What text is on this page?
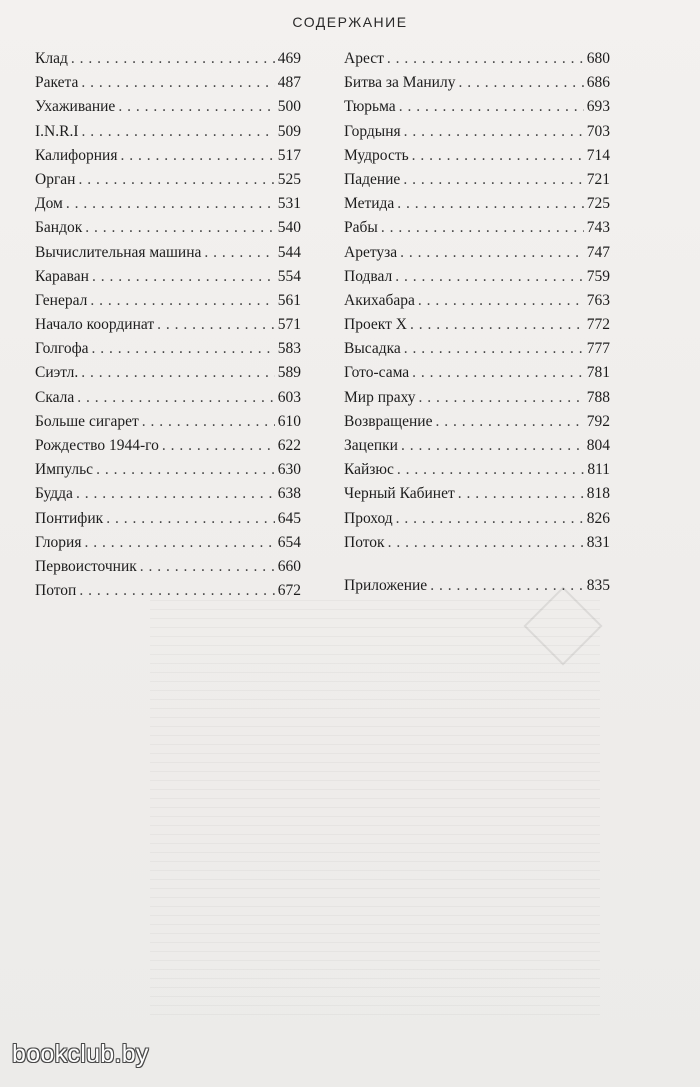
СОДЕРЖАНИЕ
Клад . . .	469
Ракета . . .	487
Ухаживание . . .	500
I.N.R.I . . .	509
Калифорния . . .	517
Орган . . .	525
Дом . . .	531
Бандок . . .	540
Вычислительная машина . . .	544
Караван . . .	554
Генерал . . .	561
Начало координат . . .	571
Голгофа . . .	583
Сиэтл. . . .	589
Скала . . .	603
Больше сигарет . . .	610
Рождество 1944-го . . .	622
Импульс . . .	630
Будда . . .	638
Понтифик . . .	645
Глория . . .	654
Первоисточник . . .	660
Потоп . . .	672
Арест . . .	680
Битва за Манилу . . .	686
Тюрьма . . .	693
Гордыня . . .	703
Мудрость . . .	714
Падение . . .	721
Метида . . .	725
Рабы . . .	743
Аретуза . . .	747
Подвал . . .	759
Акихабара . . .	763
Проект Х . . .	772
Высадка . . .	777
Гото-сама . . .	781
Мир праху . . .	788
Возвращение . . .	792
Зацепки . . .	804
Кайзюс . . .	811
Черный Кабинет . . .	818
Проход . . .	826
Поток . . .	831
Приложение . . .	835
bookclub.by
